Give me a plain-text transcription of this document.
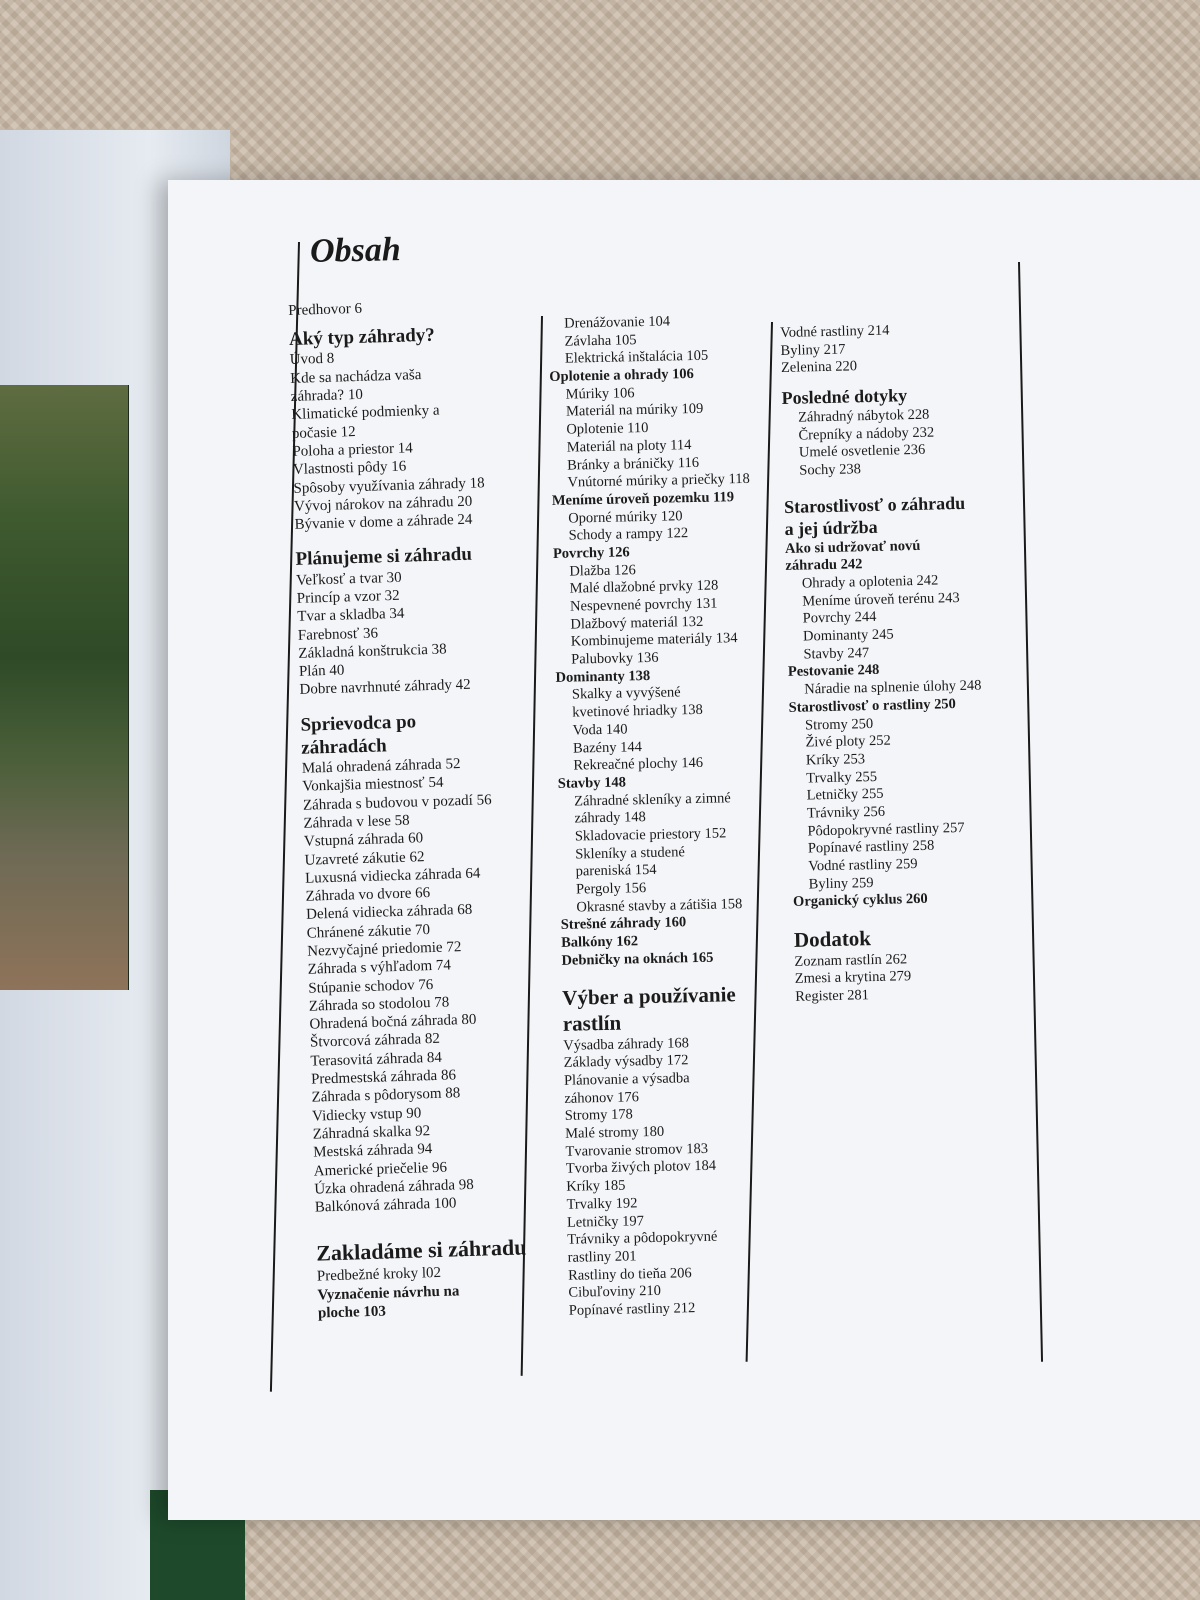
Obsah

Predhovor 6

Aký typ záhrady?

Úvod 8

Kde sa nachádza vaša

záhrada? 10

Klimatické podmienky a

počasie 12

Poloha a priestor 14

Vlastnosti pôdy 16

Spôsoby využívania záhrady 18

Vývoj nárokov na záhradu 20

Bývanie v dome a záhrade 24

Plánujeme si záhradu

Veľkosť a tvar 30

Princíp a vzor 32

Tvar a skladba 34

Farebnosť 36

Základná konštrukcia 38

Plán 40

Dobre navrhnuté záhrady 42

Sprievodca po

záhradách

Malá ohradená záhrada 52

Vonkajšia miestnosť 54

Záhrada s budovou v pozadí 56

Záhrada v lese 58

Vstupná záhrada 60

Uzavreté zákutie 62

Luxusná vidiecka záhrada 64

Záhrada vo dvore 66

Delená vidiecka záhrada 68

Chránené zákutie 70

Nezvyčajné priedomie 72

Záhrada s výhľadom 74

Stúpanie schodov 76

Záhrada so stodolou 78

Ohradená bočná záhrada 80

Štvorcová záhrada 82

Terasovitá záhrada 84

Predmestská záhrada 86

Záhrada s pôdorysom 88

Vidiecky vstup 90

Záhradná skalka 92

Mestská záhrada 94

Americké priečelie 96

Úzka ohradená záhrada 98

Balkónová záhrada 100

Zakladáme si záhradu

Predbežné kroky l02

Vyznačenie návrhu na

ploche 103

Drenážovanie 104

Závlaha 105

Elektrická inštalácia 105

Oplotenie a ohrady 106

Múriky 106

Materiál na múriky 109

Oplotenie 110

Materiál na ploty 114

Bránky a bráničky 116

Vnútorné múriky a priečky 118

Meníme úroveň pozemku 119

Oporné múriky 120

Schody a rampy 122

Povrchy 126

Dlažba 126

Malé dlažobné prvky 128

Nespevnené povrchy 131

Dlažbový materiál 132

Kombinujeme materiály 134

Palubovky 136

Dominanty 138

Skalky a vyvýšené

kvetinové hriadky 138

Voda 140

Bazény 144

Rekreačné plochy 146

Stavby 148

Záhradné skleníky a zimné

záhrady 148

Skladovacie priestory 152

Skleníky a studené

pareniská 154

Pergoly 156

Okrasné stavby a zátišia 158

Strešné záhrady 160

Balkóny 162

Debničky na oknách 165

Výber a používanie

rastlín

Výsadba záhrady 168

Základy výsadby 172

Plánovanie a výsadba

záhonov 176

Stromy 178

Malé stromy 180

Tvarovanie stromov 183

Tvorba živých plotov 184

Kríky 185

Trvalky 192

Letničky 197

Trávniky a pôdopokryvné

rastliny 201

Rastliny do tieňa 206

Cibuľoviny 210

Popínavé rastliny 212

Vodné rastliny 214

Byliny 217

Zelenina 220

Posledné dotyky

Záhradný nábytok 228

Črepníky a nádoby 232

Umelé osvetlenie 236

Sochy 238

Starostlivosť o záhradu

a jej údržba

Ako si udržovať novú

záhradu 242

Ohrady a oplotenia 242

Meníme úroveň terénu 243

Povrchy 244

Dominanty 245

Stavby 247

Pestovanie 248

Náradie na splnenie úlohy 248

Starostlivosť o rastliny 250

Stromy 250

Živé ploty 252

Kríky 253

Trvalky 255

Letničky 255

Trávniky 256

Pôdopokryvné rastliny 257

Popínavé rastliny 258

Vodné rastliny 259

Byliny 259

Organický cyklus 260

Dodatok

Zoznam rastlín 262

Zmesi a krytina 279

Register 281
